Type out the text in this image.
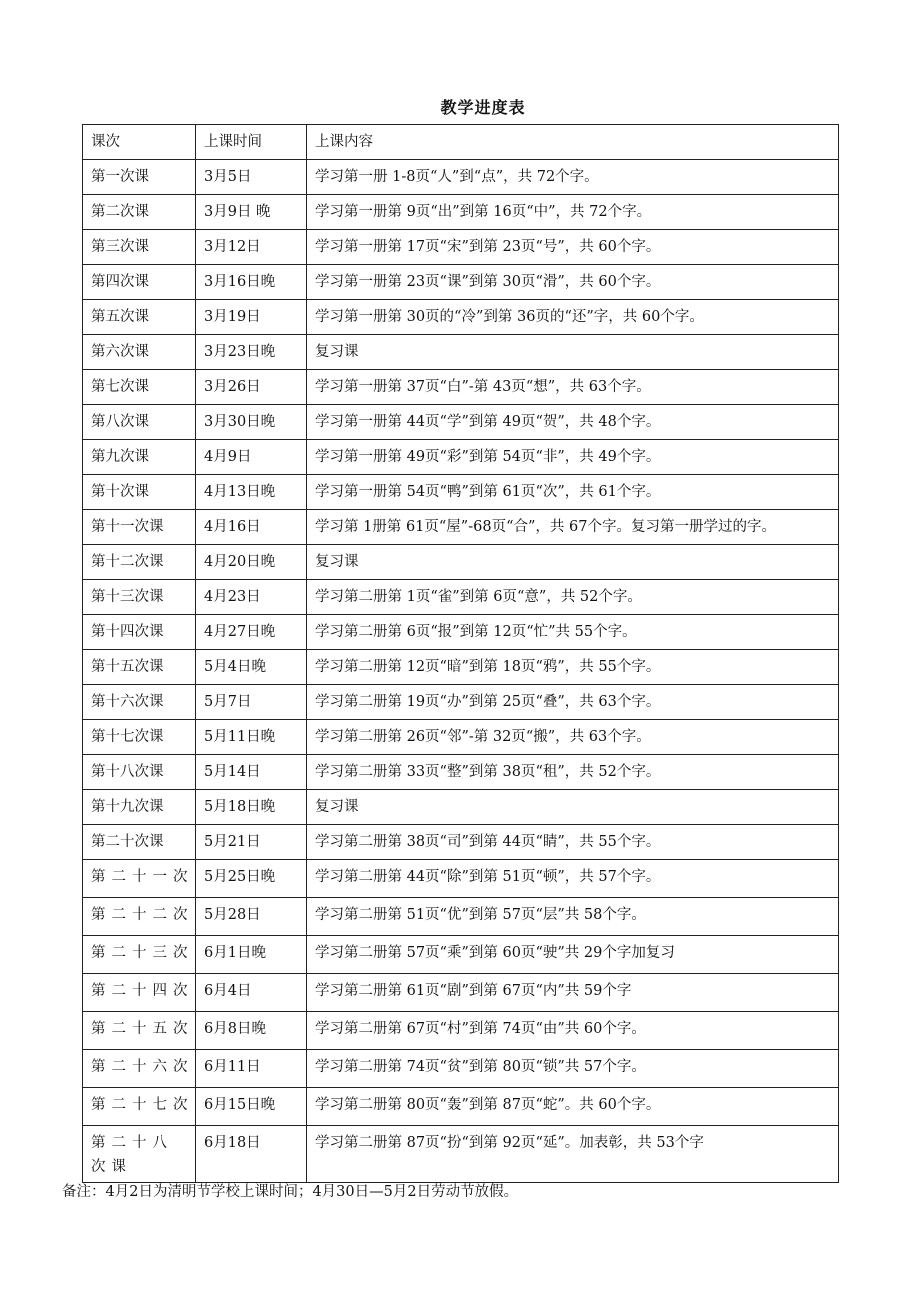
教学进度表
课次	上课时间	上课内容
第一次课	3月5日	学习第一册 1-8页“人”到“点”，共 72个字。
第二次课	3月9日 晚	学习第一册第 9页“出”到第 16页“中”，共 72个字。
第三次课	3月12日	学习第一册第 17页“宋”到第 23页“号”，共 60个字。
第四次课	3月16日晚	学习第一册第 23页“课”到第 30页“滑”，共 60个字。
第五次课	3月19日	学习第一册第 30页的“冷”到第 36页的“还”字，共 60个字。
第六次课	3月23日晚	复习课
第七次课	3月26日	学习第一册第 37页“白”-第 43页“想”，共 63个字。
第八次课	3月30日晚	学习第一册第 44页“学”到第 49页“贺”，共 48个字。
第九次课	4月9日	学习第一册第 49页“彩”到第 54页“非”，共 49个字。
第十次课	4月13日晚	学习第一册第 54页“鸭”到第 61页“次”，共 61个字。
第十一次课	4月16日	学习第 1册第 61页“屋”-68页“合”，共 67个字。复习第一册学过的字。
第十二次课	4月20日晚	复习课
第十三次课	4月23日	学习第二册第 1页“雀”到第 6页“意”，共 52个字。
第十四次课	4月27日晚	学习第二册第 6页“报”到第 12页“忙”共 55个字。
第十五次课	5月4日晚	学习第二册第 12页“暗”到第 18页“鸦”，共 55个字。
第十六次课	5月7日	学习第二册第 19页“办”到第 25页“叠”，共 63个字。
第十七次课	5月11日晚	学习第二册第 26页“邻”-第 32页“搬”，共 63个字。
第十八次课	5月14日	学习第二册第 33页“整”到第 38页“租”，共 52个字。
第十九次课	5月18日晚	复习课
第二十次课	5月21日	学习第二册第 38页“司”到第 44页“睛”，共 55个字。
第二十一次	5月25日晚	学习第二册第 44页“除”到第 51页“顿”，共 57个字。
第二十二次	5月28日	学习第二册第 51页“优”到第 57页“层”共 58个字。
第二十三次	6月1日晚	学习第二册第 57页“乘”到第 60页“驶”共 29个字加复习
第二十四次	6月4日	学习第二册第 61页“剧”到第 67页“内”共 59个字
第二十五次	6月8日晚	学习第二册第 67页“村”到第 74页“由”共 60个字。
第二十六次	6月11日	学习第二册第 74页“贫”到第 80页“锁”共 57个字。
第二十七次	6月15日晚	学习第二册第 80页“轰”到第 87页“蛇”。共 60个字。
第二十八次课	6月18日	学习第二册第 87页“扮“到第 92页“延”。加表彰，共 53个字
备注：4月2日为清明节学校上课时间；4月30日—5月2日劳动节放假。
